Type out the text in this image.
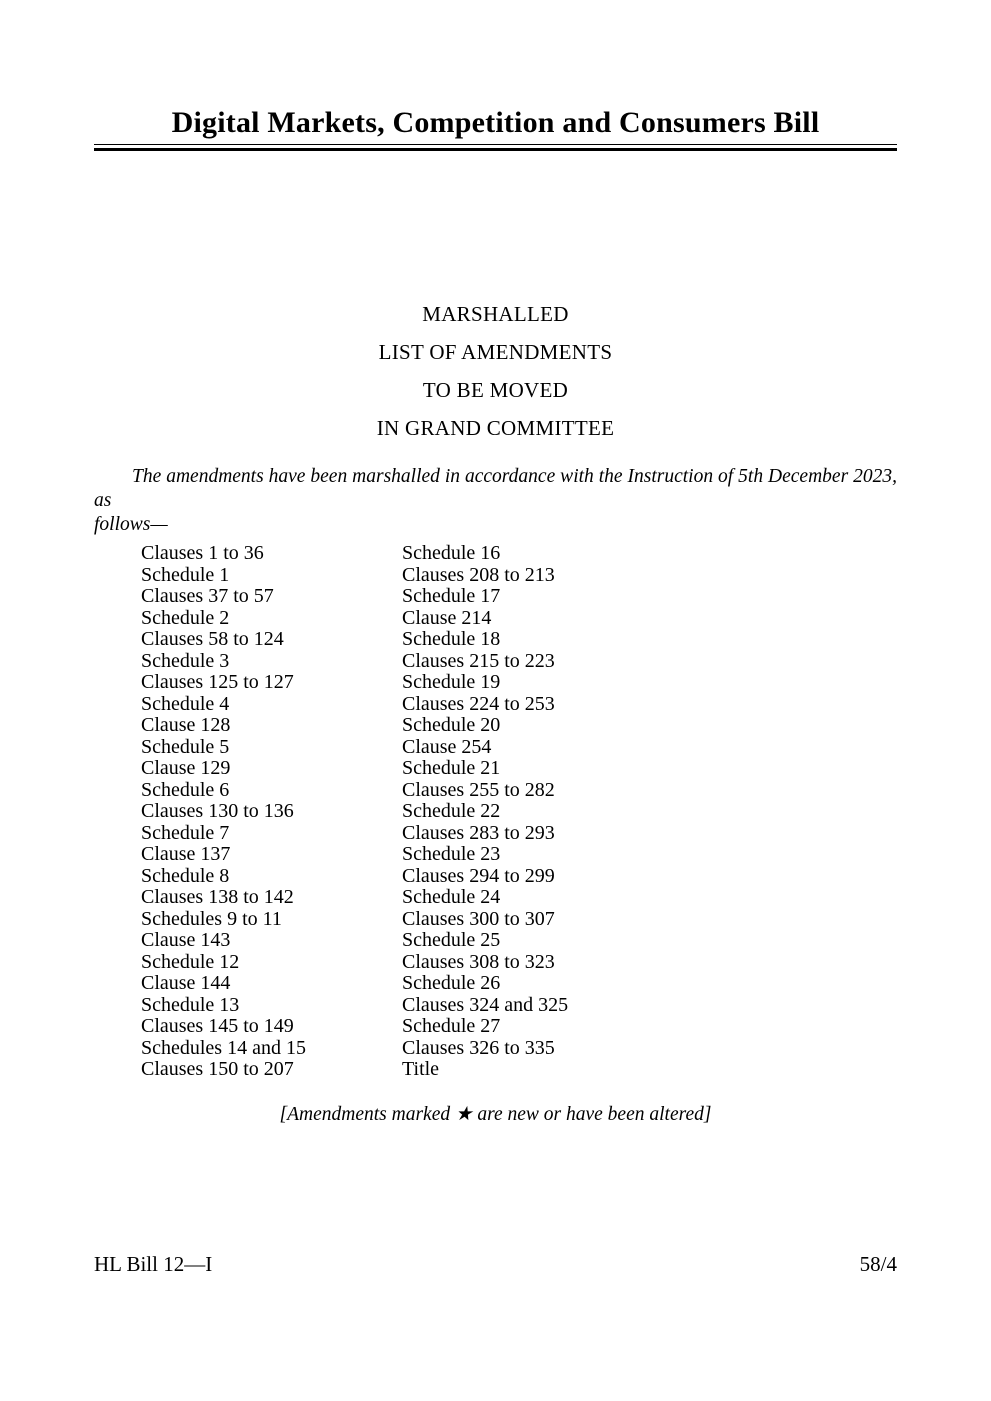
Digital Markets, Competition and Consumers Bill
MARSHALLED
LIST OF AMENDMENTS
TO BE MOVED
IN GRAND COMMITTEE
The amendments have been marshalled in accordance with the Instruction of 5th December 2023, as
follows—
Clauses 1 to 36
Schedule 1
Clauses 37 to 57
Schedule 2
Clauses 58 to 124
Schedule 3
Clauses 125 to 127
Schedule 4
Clause 128
Schedule 5
Clause 129
Schedule 6
Clauses 130 to 136
Schedule 7
Clause 137
Schedule 8
Clauses 138 to 142
Schedules 9 to 11
Clause 143
Schedule 12
Clause 144
Schedule 13
Clauses 145 to 149
Schedules 14 and 15
Clauses 150 to 207
Schedule 16
Clauses 208 to 213
Schedule 17
Clause 214
Schedule 18
Clauses 215 to 223
Schedule 19
Clauses 224 to 253
Schedule 20
Clause 254
Schedule 21
Clauses 255 to 282
Schedule 22
Clauses 283 to 293
Schedule 23
Clauses 294 to 299
Schedule 24
Clauses 300 to 307
Schedule 25
Clauses 308 to 323
Schedule 26
Clauses 324 and 325
Schedule 27
Clauses 326 to 335
Title
[Amendments marked ★ are new or have been altered]
HL Bill 12—I	58/4
